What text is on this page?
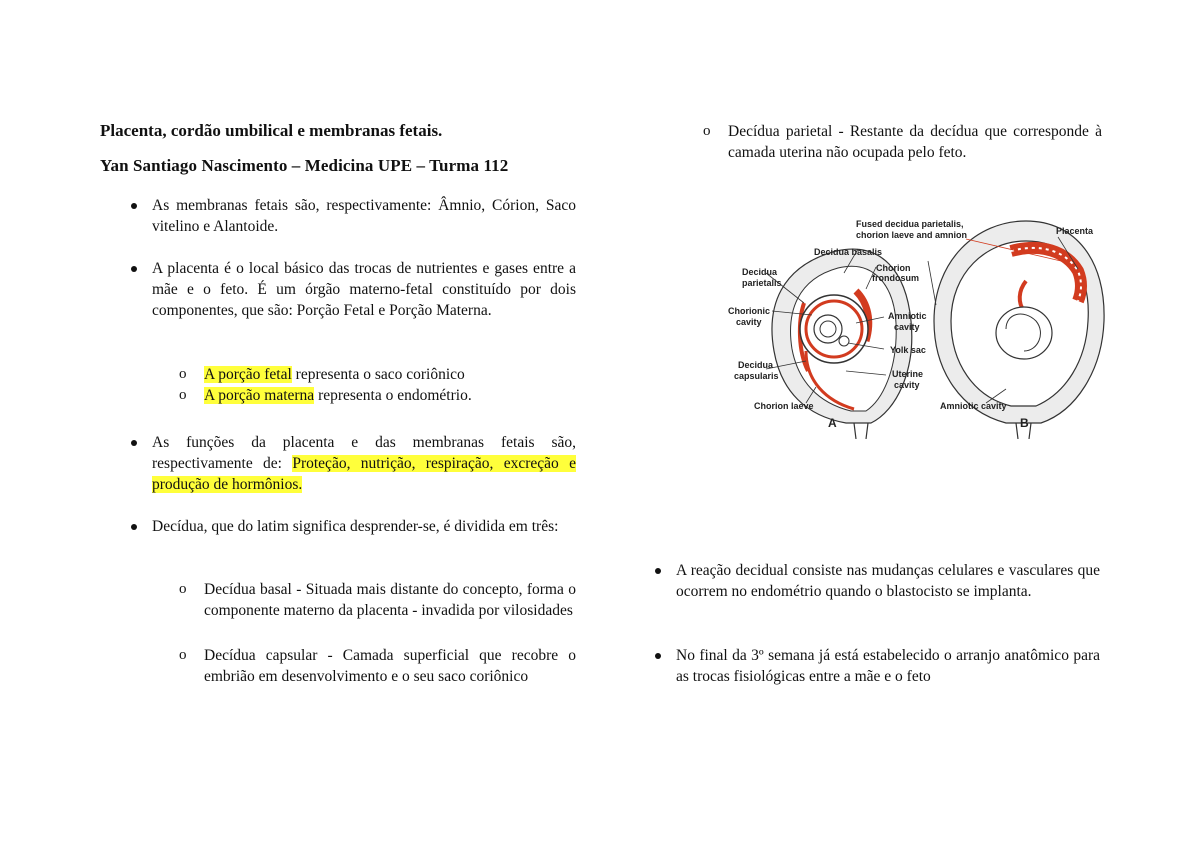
Placenta, cordão umbilical e membranas fetais.
Yan Santiago Nascimento – Medicina UPE – Turma 112
As membranas fetais são, respectivamente: Âmnio, Córion, Saco vitelino e Alantoide.
A placenta é o local básico das trocas de nutrientes e gases entre a mãe e o feto. É um órgão materno-fetal constituído por dois componentes, que são: Porção Fetal e Porção Materna.
o A porção fetal representa o saco coriônico
o A porção materna representa o endométrio.
As funções da placenta e das membranas fetais são, respectivamente de: Proteção, nutrição, respiração, excreção e produção de hormônios.
Decídua, que do latim significa desprender-se, é dividida em três:
o Decídua basal - Situada mais distante do concepto, forma o componente materno da placenta - invadida por vilosidades
o Decídua capsular - Camada superficial que recobre o embrião em desenvolvimento e o seu saco coriônico
o Decídua parietal - Restante da decídua que corresponde à camada uterina não ocupada pelo feto.
A reação decidual consiste nas mudanças celulares e vasculares que ocorrem no endométrio quando o blastocisto se implanta.
No final da 3º semana já está estabelecido o arranjo anatômico para as trocas fisiológicas entre a mãe e o feto
Fused decidua parietalis,
chorion laeve and amnion	Placenta
Decidua basalis
Chorion
frondosum
Decidua
parietalis
Chorionic
cavity
Amniotic
cavity
Yolk sac
Decidua
capsularis	Uterine
cavity
Chorion laeve	Amniotic cavity
A	B
